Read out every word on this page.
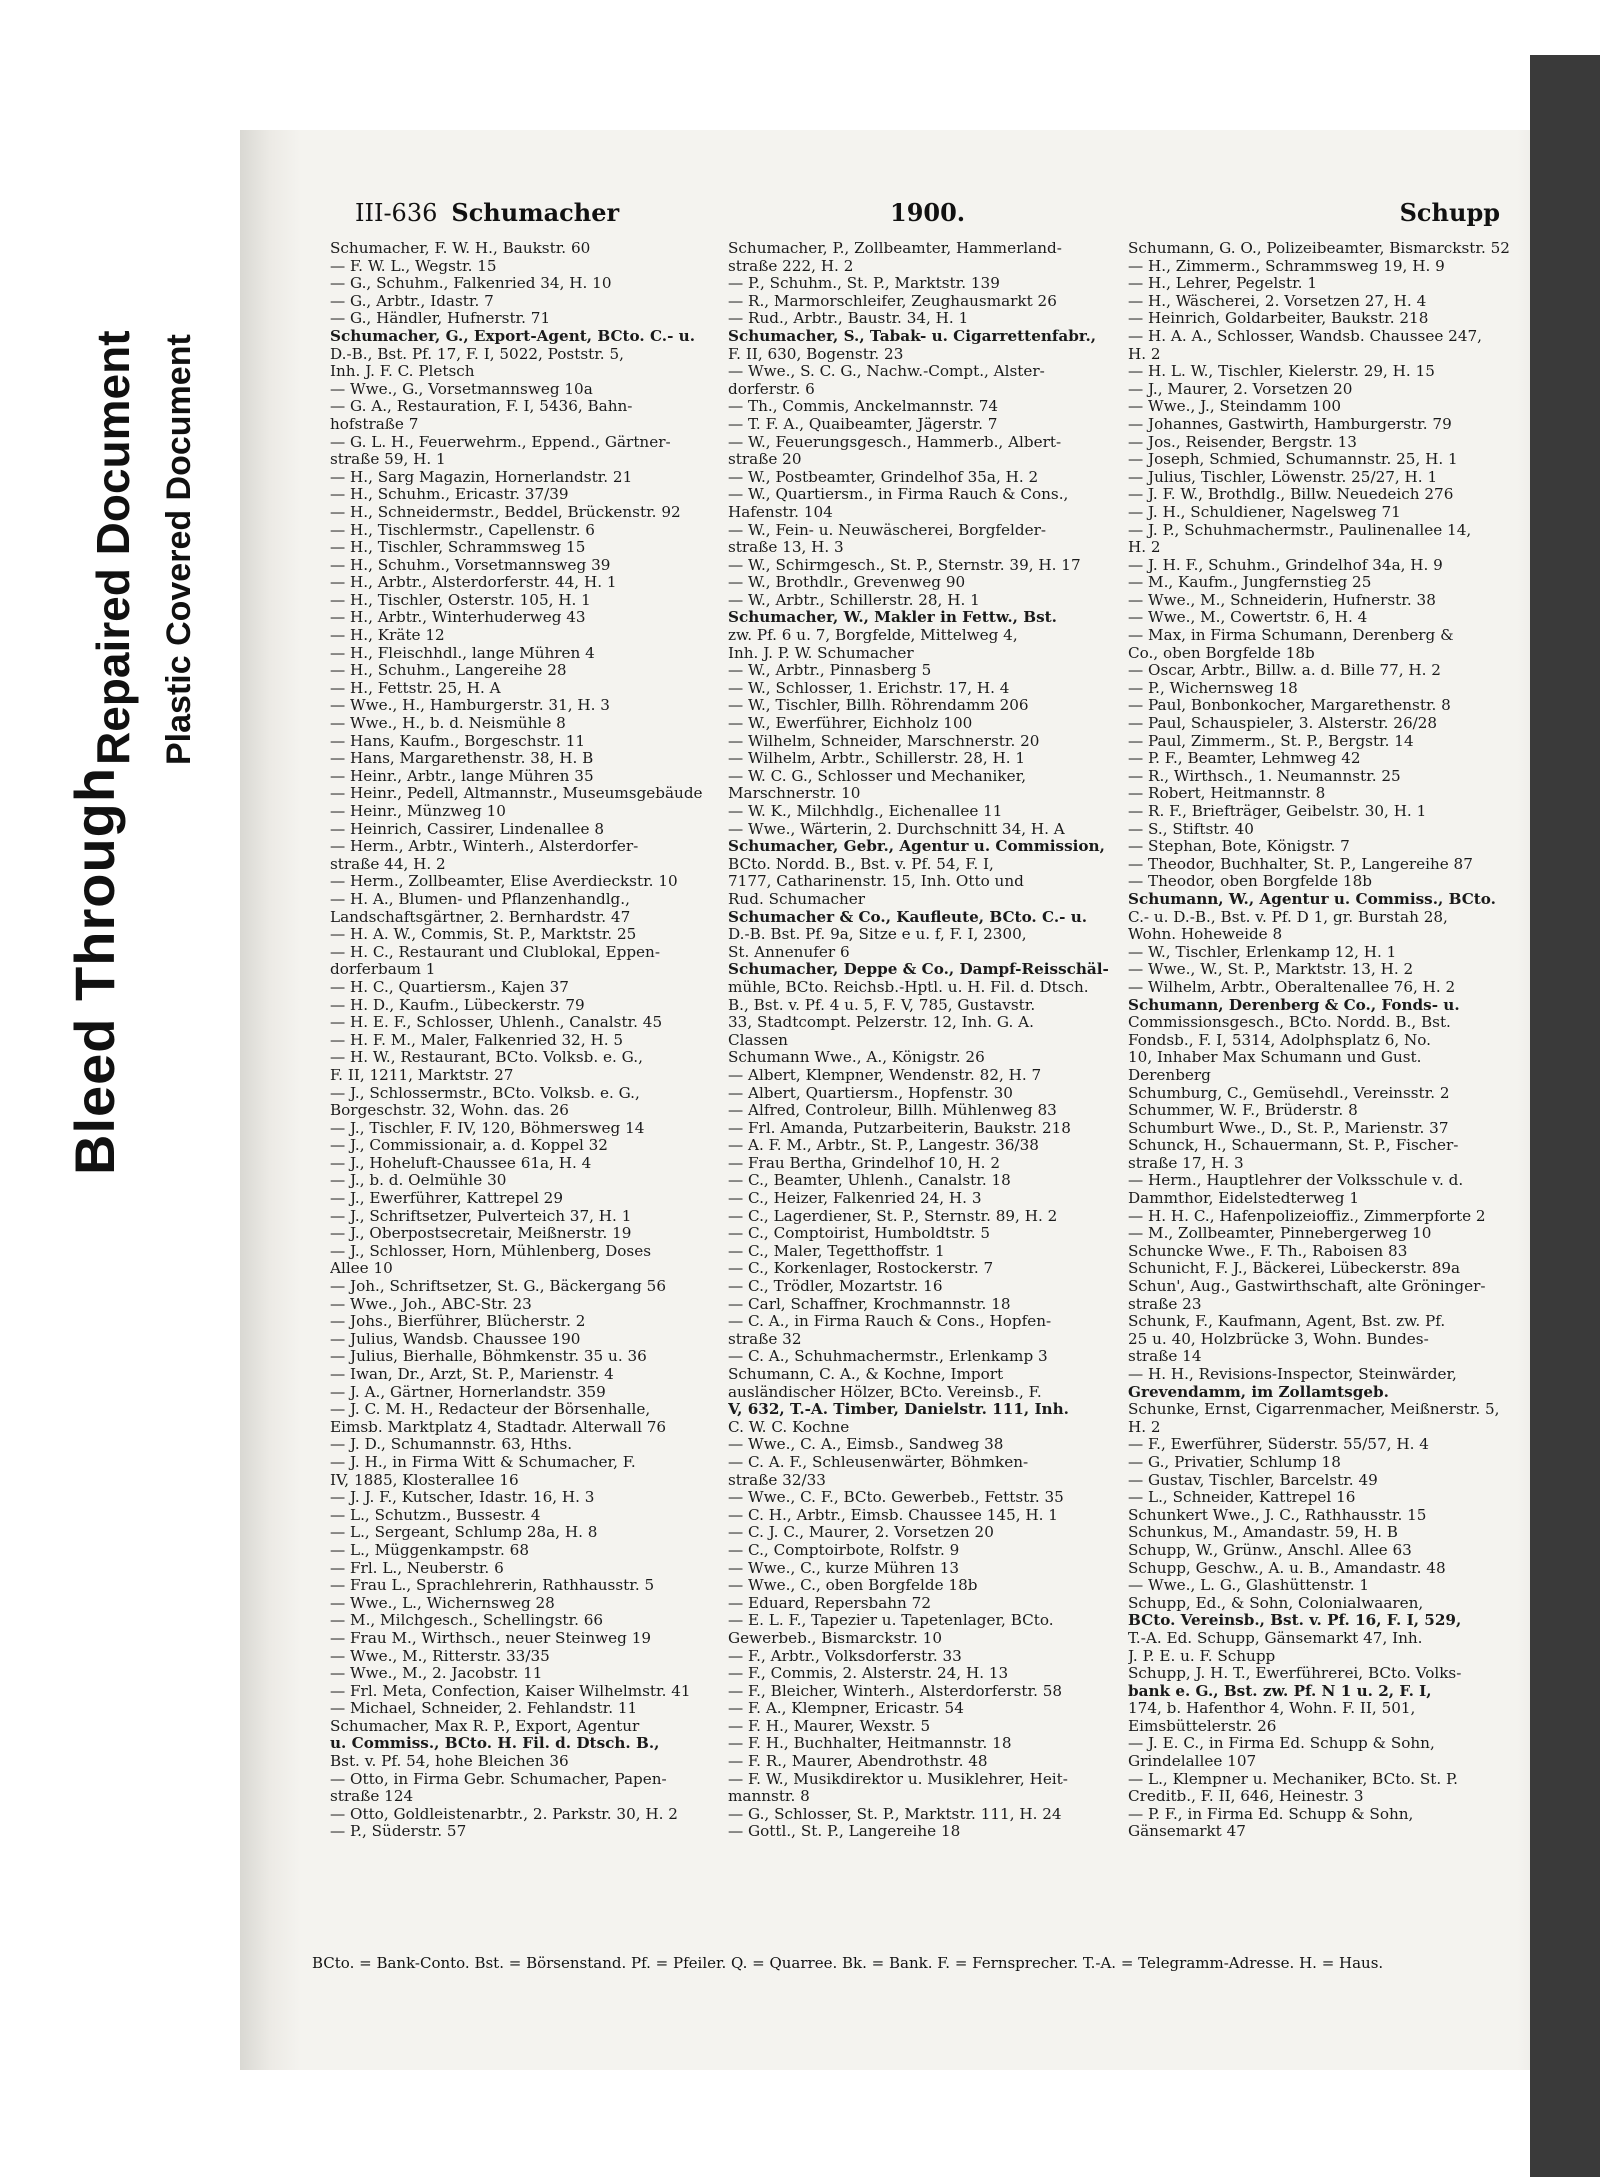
Bleed Through
Repaired Document Plastic Covered Document
III-636 Schumacher	1900.	Schupp
Schumacher, F. W. H., Baukstr. 60
— F. W. L., Wegstr. 15
— G., Schuhm., Falkenried 34, H. 10
— G., Arbtr., Idastr. 7
— G., Händler, Hufnerstr. 71
Schumacher, G., Export-Agent, BCto. C.- u.
D.-B., Bst. Pf. 17, F. I, 5022, Poststr. 5,
Inh. J. F. C. Pletsch
— Wwe., G., Vorsetmannsweg 10a
— G. A., Restauration, F. I, 5436, Bahn-
hofstraße 7
— G. L. H., Feuerwehrm., Eppend., Gärtner-
straße 59, H. 1
— H., Sarg Magazin, Hornerlandstr. 21
— H., Schuhm., Ericastr. 37/39
— H., Schneidermstr., Beddel, Brückenstr. 92
— H., Tischlermstr., Capellenstr. 6
— H., Tischler, Schrammsweg 15
— H., Schuhm., Vorsetmannsweg 39
— H., Arbtr., Alsterdorferstr. 44, H. 1
— H., Tischler, Osterstr. 105, H. 1
— H., Arbtr., Winterhuderweg 43
— H., Kräte 12
— H., Fleischhdl., lange Mühren 4
— H., Schuhm., Langereihe 28
— H., Fettstr. 25, H. A
— Wwe., H., Hamburgerstr. 31, H. 3
— Wwe., H., b. d. Neismühle 8
— Hans, Kaufm., Borgeschstr. 11
— Hans, Margarethenstr. 38, H. B
— Heinr., Arbtr., lange Mühren 35
— Heinr., Pedell, Altmannstr., Museumsgebäude
— Heinr., Münzweg 10
— Heinrich, Cassirer, Lindenallee 8
— Herm., Arbtr., Winterh., Alsterdorfer-
straße 44, H. 2
— Herm., Zollbeamter, Elise Averdieckstr. 10
— H. A., Blumen- und Pflanzenhandlg.,
Landschaftsgärtner, 2. Bernhardstr. 47
— H. A. W., Commis, St. P., Marktstr. 25
— H. C., Restaurant und Clublokal, Eppen-
dorferbaum 1
— H. C., Quartiersm., Kajen 37
— H. D., Kaufm., Lübeckerstr. 79
— H. E. F., Schlosser, Uhlenh., Canalstr. 45
— H. F. M., Maler, Falkenried 32, H. 5
— H. W., Restaurant, BCto. Volksb. e. G.,
F. II, 1211, Marktstr. 27
— J., Schlossermstr., BCto. Volksb. e. G.,
Borgeschstr. 32, Wohn. das. 26
— J., Tischler, F. IV, 120, Böhmersweg 14
— J., Commissionair, a. d. Koppel 32
— J., Hoheluft-Chaussee 61a, H. 4
— J., b. d. Oelmühle 30
— J., Ewerführer, Kattrepel 29
— J., Schriftsetzer, Pulverteich 37, H. 1
— J., Oberpostsecretair, Meißnerstr. 19
— J., Schlosser, Horn, Mühlenberg, Doses
Allee 10
— Joh., Schriftsetzer, St. G., Bäckergang 56
— Wwe., Joh., ABC-Str. 23
— Johs., Bierführer, Blücherstr. 2
— Julius, Wandsb. Chaussee 190
— Julius, Bierhalle, Böhmkenstr. 35 u. 36
— Iwan, Dr., Arzt, St. P., Marienstr. 4
— J. A., Gärtner, Hornerlandstr. 359
— J. C. M. H., Redacteur der Börsenhalle,
Eimsb. Marktplatz 4, Stadtadr. Alterwall 76
— J. D., Schumannstr. 63, Hths.
— J. H., in Firma Witt & Schumacher, F.
IV, 1885, Klosterallee 16
— J. J. F., Kutscher, Idastr. 16, H. 3
— L., Schutzm., Bussestr. 4
— L., Sergeant, Schlump 28a, H. 8
— L., Müggenkampstr. 68
— Frl. L., Neuberstr. 6
— Frau L., Sprachlehrerin, Rathhausstr. 5
— Wwe., L., Wichernsweg 28
— M., Milchgesch., Schellingstr. 66
— Frau M., Wirthsch., neuer Steinweg 19
— Wwe., M., Ritterstr. 33/35
— Wwe., M., 2. Jacobstr. 11
— Frl. Meta, Confection, Kaiser Wilhelmstr. 41
— Michael, Schneider, 2. Fehlandstr. 11
Schumacher, Max R. P., Export, Agentur
u. Commiss., BCto. H. Fil. d. Dtsch. B.,
Bst. v. Pf. 54, hohe Bleichen 36
— Otto, in Firma Gebr. Schumacher, Papen-
straße 124
— Otto, Goldleistenarbtr., 2. Parkstr. 30, H. 2
— P., Süderstr. 57
Schumacher, P., Zollbeamter, Hammerland-
straße 222, H. 2
— P., Schuhm., St. P., Marktstr. 139
— R., Marmorschleifer, Zeughausmarkt 26
— Rud., Arbtr., Baustr. 34, H. 1
Schumacher, S., Tabak- u. Cigarrettenfabr.,
F. II, 630, Bogenstr. 23
— Wwe., S. C. G., Nachw.-Compt., Alster-
dorferstr. 6
— Th., Commis, Anckelmannstr. 74
— T. F. A., Quaibeamter, Jägerstr. 7
— W., Feuerungsgesch., Hammerb., Albert-
straße 20
— W., Postbeamter, Grindelhof 35a, H. 2
— W., Quartiersm., in Firma Rauch & Cons.,
Hafenstr. 104
— W., Fein- u. Neuwäscherei, Borgfelder-
straße 13, H. 3
— W., Schirmgesch., St. P., Sternstr. 39, H. 17
— W., Brothdlr., Grevenweg 90
— W., Arbtr., Schillerstr. 28, H. 1
Schumacher, W., Makler in Fettw., Bst.
zw. Pf. 6 u. 7, Borgfelde, Mittelweg 4,
Inh. J. P. W. Schumacher
— W., Arbtr., Pinnasberg 5
— W., Schlosser, 1. Erichstr. 17, H. 4
— W., Tischler, Billh. Röhrendamm 206
— W., Ewerführer, Eichholz 100
— Wilhelm, Schneider, Marschnerstr. 20
— Wilhelm, Arbtr., Schillerstr. 28, H. 1
— W. C. G., Schlosser und Mechaniker,
Marschnerstr. 10
— W. K., Milchhdlg., Eichenallee 11
— Wwe., Wärterin, 2. Durchschnitt 34, H. A
Schumacher, Gebr., Agentur u. Commission,
BCto. Nordd. B., Bst. v. Pf. 54, F. I,
7177, Catharinenstr. 15, Inh. Otto und
Rud. Schumacher
Schumacher & Co., Kaufleute, BCto. C.- u.
D.-B. Bst. Pf. 9a, Sitze e u. f, F. I, 2300,
St. Annenufer 6
Schumacher, Deppe & Co., Dampf-Reisschäl-
mühle, BCto. Reichsb.-Hptl. u. H. Fil. d. Dtsch.
B., Bst. v. Pf. 4 u. 5, F. V, 785, Gustavstr.
33, Stadtcompt. Pelzerstr. 12, Inh. G. A.
Classen
Schumann Wwe., A., Königstr. 26
— Albert, Klempner, Wendenstr. 82, H. 7
— Albert, Quartiersm., Hopfenstr. 30
— Alfred, Controleur, Billh. Mühlenweg 83
— Frl. Amanda, Putzarbeiterin, Baukstr. 218
— A. F. M., Arbtr., St. P., Langestr. 36/38
— Frau Bertha, Grindelhof 10, H. 2
— C., Beamter, Uhlenh., Canalstr. 18
— C., Heizer, Falkenried 24, H. 3
— C., Lagerdiener, St. P., Sternstr. 89, H. 2
— C., Comptoirist, Humboldtstr. 5
— C., Maler, Tegetthoffstr. 1
— C., Korkenlager, Rostockerstr. 7
— C., Trödler, Mozartstr. 16
— Carl, Schaffner, Krochmannstr. 18
— C. A., in Firma Rauch & Cons., Hopfen-
straße 32
— C. A., Schuhmachermstr., Erlenkamp 3
Schumann, C. A., & Kochne, Import
ausländischer Hölzer, BCto. Vereinsb., F.
V, 632, T.-A. Timber, Danielstr. 111, Inh.
C. W. C. Kochne
— Wwe., C. A., Eimsb., Sandweg 38
— C. A. F., Schleusenwärter, Böhmken-
straße 32/33
— Wwe., C. F., BCto. Gewerbeb., Fettstr. 35
— C. H., Arbtr., Eimsb. Chaussee 145, H. 1
— C. J. C., Maurer, 2. Vorsetzen 20
— C., Comptoirbote, Rolfstr. 9
— Wwe., C., kurze Mühren 13
— Wwe., C., oben Borgfelde 18b
— Eduard, Repersbahn 72
— E. L. F., Tapezier u. Tapetenlager, BCto.
Gewerbeb., Bismarckstr. 10
— F., Arbtr., Volksdorferstr. 33
— F., Commis, 2. Alsterstr. 24, H. 13
— F., Bleicher, Winterh., Alsterdorferstr. 58
— F. A., Klempner, Ericastr. 54
— F. H., Maurer, Wexstr. 5
— F. H., Buchhalter, Heitmannstr. 18
— F. R., Maurer, Abendrothstr. 48
— F. W., Musikdirektor u. Musiklehrer, Heit-
mannstr. 8
— G., Schlosser, St. P., Marktstr. 111, H. 24
— Gottl., St. P., Langereihe 18
Schumann, G. O., Polizeibeamter, Bismarckstr. 52
— H., Zimmerm., Schrammsweg 19, H. 9
— H., Lehrer, Pegelstr. 1
— H., Wäscherei, 2. Vorsetzen 27, H. 4
— Heinrich, Goldarbeiter, Baukstr. 218
— H. A. A., Schlosser, Wandsb. Chaussee 247,
H. 2
— H. L. W., Tischler, Kielerstr. 29, H. 15
— J., Maurer, 2. Vorsetzen 20
— Wwe., J., Steindamm 100
— Johannes, Gastwirth, Hamburgerstr. 79
— Jos., Reisender, Bergstr. 13
— Joseph, Schmied, Schumannstr. 25, H. 1
— Julius, Tischler, Löwenstr. 25/27, H. 1
— J. F. W., Brothdlg., Billw. Neuedeich 276
— J. H., Schuldiener, Nagelsweg 71
— J. P., Schuhmachermstr., Paulinenallee 14,
H. 2
— J. H. F., Schuhm., Grindelhof 34a, H. 9
— M., Kaufm., Jungfernstieg 25
— Wwe., M., Schneiderin, Hufnerstr. 38
— Wwe., M., Cowertstr. 6, H. 4
— Max, in Firma Schumann, Derenberg &
Co., oben Borgfelde 18b
— Oscar, Arbtr., Billw. a. d. Bille 77, H. 2
— P., Wichernsweg 18
— Paul, Bonbonkocher, Margarethenstr. 8
— Paul, Schauspieler, 3. Alsterstr. 26/28
— Paul, Zimmerm., St. P., Bergstr. 14
— P. F., Beamter, Lehmweg 42
— R., Wirthsch., 1. Neumannstr. 25
— Robert, Heitmannstr. 8
— R. F., Briefträger, Geibelstr. 30, H. 1
— S., Stiftstr. 40
— Stephan, Bote, Königstr. 7
— Theodor, Buchhalter, St. P., Langereihe 87
— Theodor, oben Borgfelde 18b
Schumann, W., Agentur u. Commiss., BCto.
C.- u. D.-B., Bst. v. Pf. D 1, gr. Burstah 28,
Wohn. Hoheweide 8
— W., Tischler, Erlenkamp 12, H. 1
— Wwe., W., St. P., Marktstr. 13, H. 2
— Wilhelm, Arbtr., Oberaltenallee 76, H. 2
Schumann, Derenberg & Co., Fonds- u.
Commissionsgesch., BCto. Nordd. B., Bst.
Fondsb., F. I, 5314, Adolphsplatz 6, No.
10, Inhaber Max Schumann und Gust.
Derenberg
Schumburg, C., Gemüsehdl., Vereinsstr. 2
Schummer, W. F., Brüderstr. 8
Schumburt Wwe., D., St. P., Marienstr. 37
Schunck, H., Schauermann, St. P., Fischer-
straße 17, H. 3
— Herm., Hauptlehrer der Volksschule v. d.
Dammthor, Eidelstedterweg 1
— H. H. C., Hafenpolizeioffiz., Zimmerpforte 2
— M., Zollbeamter, Pinnebergerweg 10
Schuncke Wwe., F. Th., Raboisen 83
Schunicht, F. J., Bäckerei, Lübeckerstr. 89a
Schun', Aug., Gastwirthschaft, alte Gröninger-
straße 23
Schunk, F., Kaufmann, Agent, Bst. zw. Pf.
25 u. 40, Holzbrücke 3, Wohn. Bundes-
straße 14
— H. H., Revisions-Inspector, Steinwärder,
Grevendamm, im Zollamtsgeb.
Schunke, Ernst, Cigarrenmacher, Meißnerstr. 5,
H. 2
— F., Ewerführer, Süderstr. 55/57, H. 4
— G., Privatier, Schlump 18
— Gustav, Tischler, Barcelstr. 49
— L., Schneider, Kattrepel 16
Schunkert Wwe., J. C., Rathhausstr. 15
Schunkus, M., Amandastr. 59, H. B
Schupp, W., Grünw., Anschl. Allee 63
Schupp, Geschw., A. u. B., Amandastr. 48
— Wwe., L. G., Glashüttenstr. 1
Schupp, Ed., & Sohn, Colonialwaaren,
BCto. Vereinsb., Bst. v. Pf. 16, F. I, 529,
T.-A. Ed. Schupp, Gänsemarkt 47, Inh.
J. P. E. u. F. Schupp
Schupp, J. H. T., Ewerführerei, BCto. Volks-
bank e. G., Bst. zw. Pf. N 1 u. 2, F. I,
174, b. Hafenthor 4, Wohn. F. II, 501,
Eimsbüttelerstr. 26
— J. E. C., in Firma Ed. Schupp & Sohn,
Grindelallee 107
— L., Klempner u. Mechaniker, BCto. St. P.
Creditb., F. II, 646, Heinestr. 3
— P. F., in Firma Ed. Schupp & Sohn,
Gänsemarkt 47
BCto. = Bank-Conto. Bst. = Börsenstand. Pf. = Pfeiler. Q. = Quarree. Bk. = Bank. F. = Fernsprecher. T.-A. = Telegramm-Adresse. H. = Haus.
